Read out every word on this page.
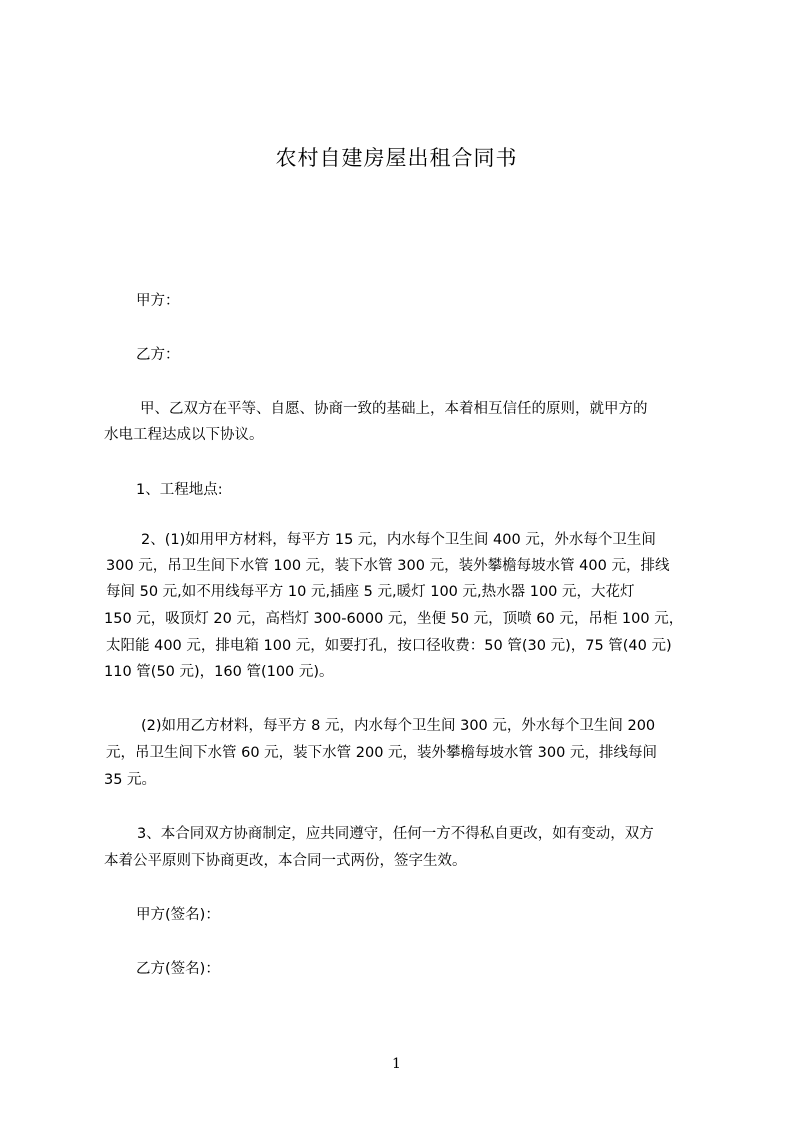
农村自建房屋出租合同书
甲方：
乙方：
甲、乙双方在平等、自愿、协商一致的基础上，本着相互信任的原则，就甲方的
水电工程达成以下协议。
1、工程地点:
2、(1)如用甲方材料，每平方 15 元，内水每个卫生间 400 元，外水每个卫生间
300 元，吊卫生间下水管 100 元，装下水管 300 元，装外攀檐每坡水管 400 元，排线
每间 50 元,如不用线每平方 10 元,插座 5 元,暖灯 100 元,热水器 100 元，大花灯
150 元，吸顶灯 20 元，高档灯 300-6000 元，坐便 50 元，顶喷 60 元，吊柜 100 元，
太阳能 400 元，排电箱 100 元，如要打孔，按口径收费：50 管(30 元)，75 管(40 元)
110 管(50 元)，160 管(100 元)。
(2)如用乙方材料，每平方 8 元，内水每个卫生间 300 元，外水每个卫生间 200
元，吊卫生间下水管 60 元，装下水管 200 元，装外攀檐每坡水管 300 元，排线每间
35 元。
3、本合同双方协商制定，应共同遵守，任何一方不得私自更改，如有变动，双方
本着公平原则下协商更改，本合同一式两份，签字生效。
甲方(签名)：
乙方(签名)：
1
